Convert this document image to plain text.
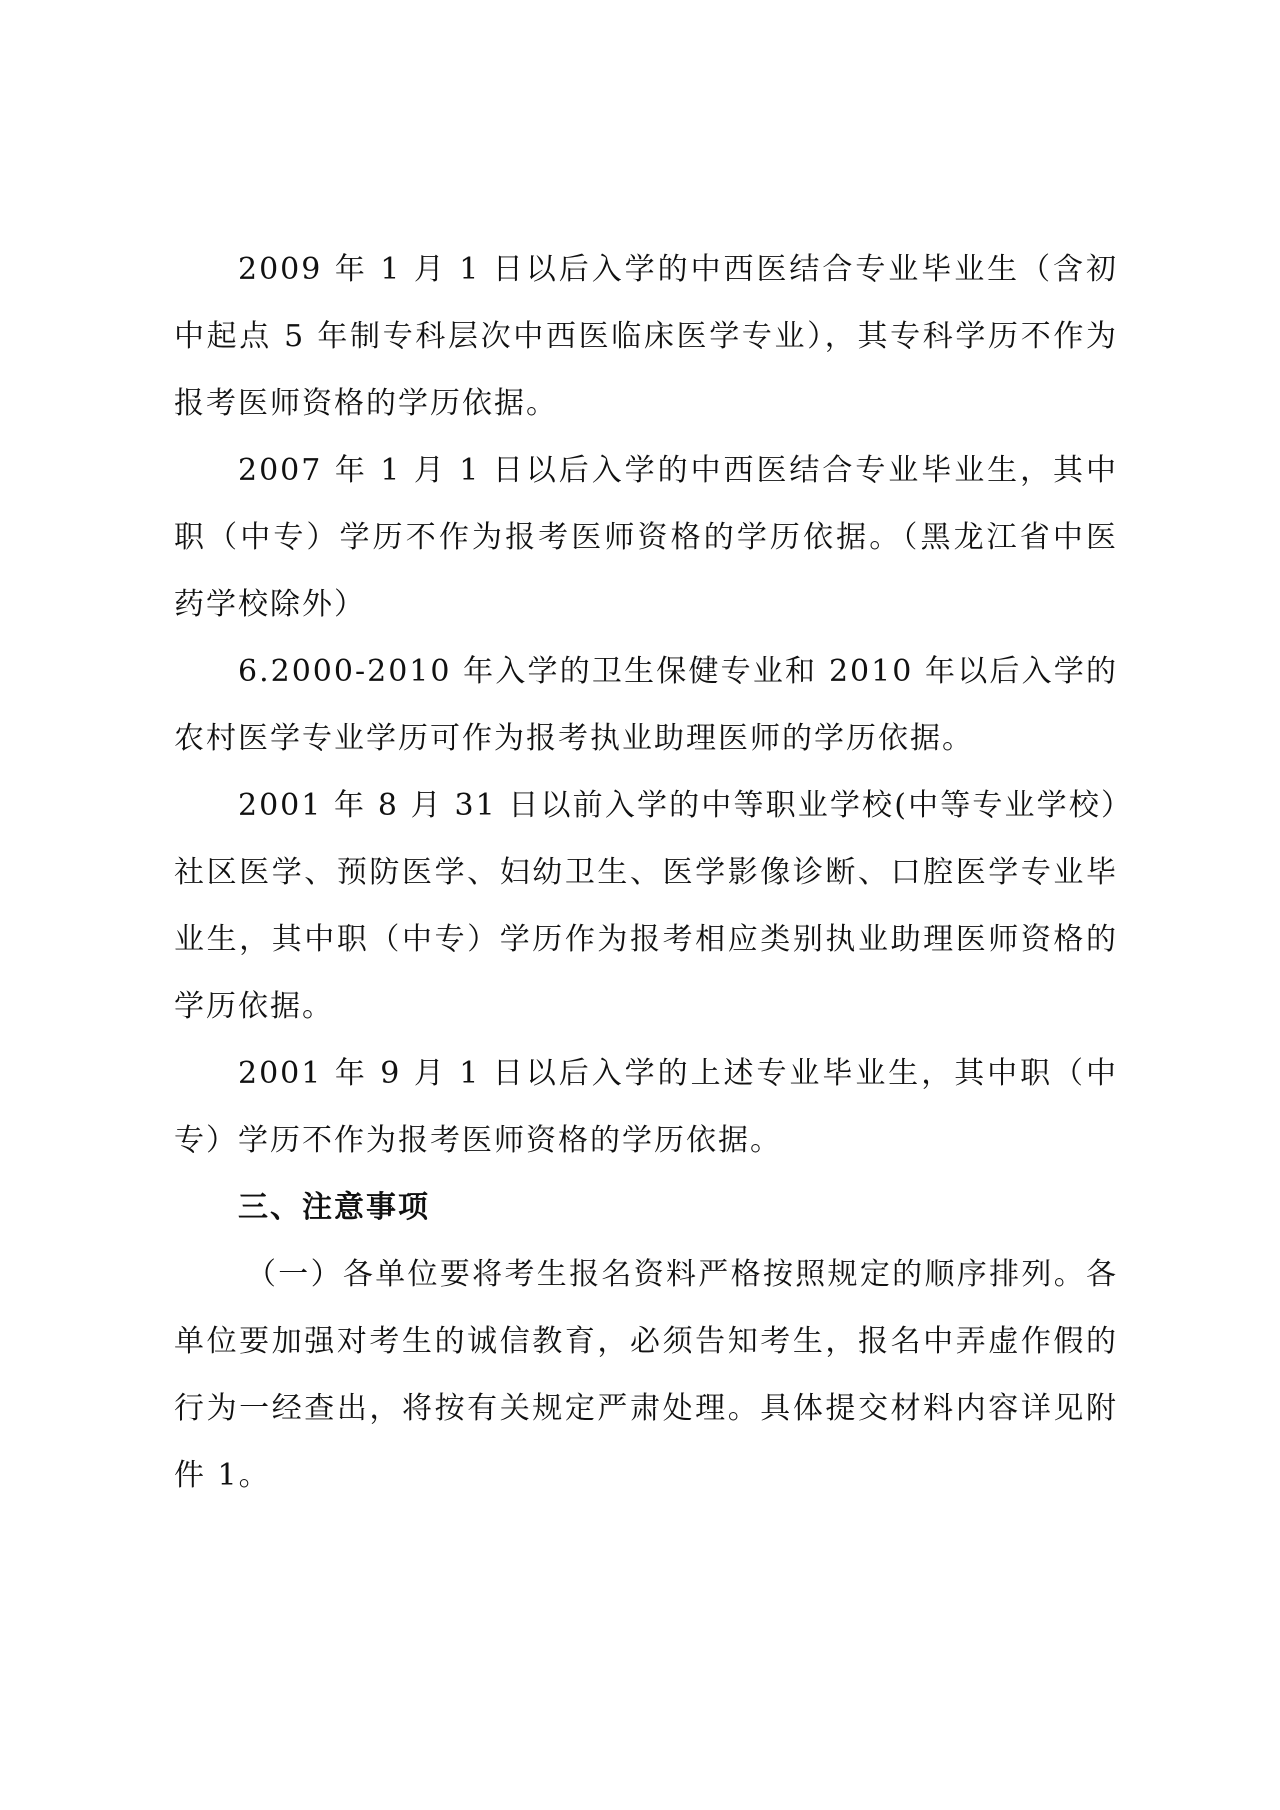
2009 年 1 月 1 日以后入学的中西医结合专业毕业生（含初中起点 5 年制专科层次中西医临床医学专业），其专科学历不作为报考医师资格的学历依据。

2007 年 1 月 1 日以后入学的中西医结合专业毕业生，其中职（中专）学历不作为报考医师资格的学历依据。（黑龙江省中医药学校除外）

6.2000-2010 年入学的卫生保健专业和 2010 年以后入学的农村医学专业学历可作为报考执业助理医师的学历依据。

2001 年 8 月 31 日以前入学的中等职业学校(中等专业学校）社区医学、预防医学、妇幼卫生、医学影像诊断、口腔医学专业毕业生，其中职（中专）学历作为报考相应类别执业助理医师资格的学历依据。

2001 年 9 月 1 日以后入学的上述专业毕业生，其中职（中专）学历不作为报考医师资格的学历依据。

三、注意事项

（一）各单位要将考生报名资料严格按照规定的顺序排列。各单位要加强对考生的诚信教育，必须告知考生，报名中弄虚作假的行为一经查出，将按有关规定严肃处理。具体提交材料内容详见附件 1。
